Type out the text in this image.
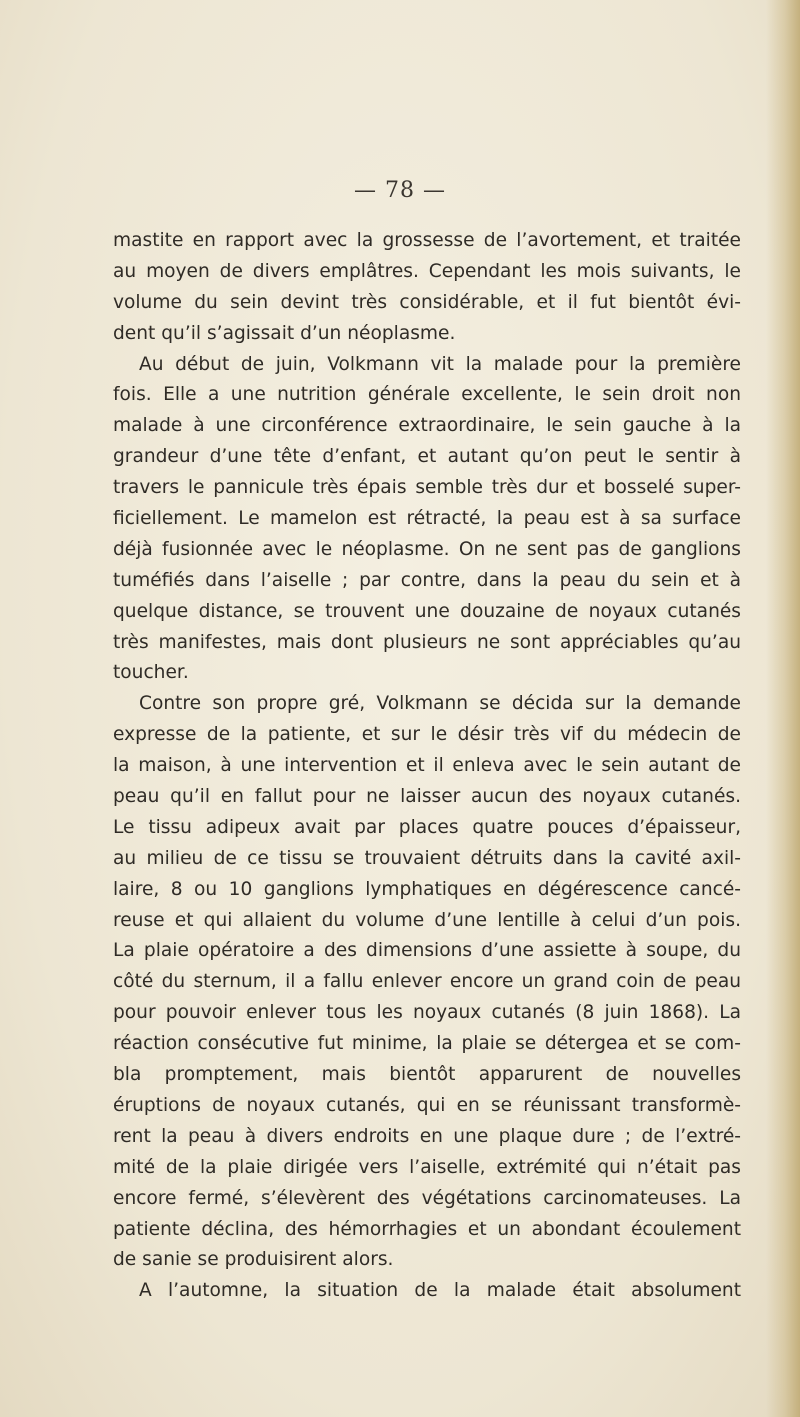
— 78 —
mastite en rapport avec la grossesse de l’avortement, et traitée
au moyen de divers emplâtres. Cependant les mois suivants, le
volume du sein devint très considérable, et il fut bientôt évi-
dent qu’il s’agissait d’un néoplasme.
Au début de juin, Volkmann vit la malade pour la première
fois. Elle a une nutrition générale excellente, le sein droit non
malade à une circonférence extraordinaire, le sein gauche à la
grandeur d’une tête d’enfant, et autant qu’on peut le sentir à
travers le pannicule très épais semble très dur et bosselé super-
ficiellement. Le mamelon est rétracté, la peau est à sa surface
déjà fusionnée avec le néoplasme. On ne sent pas de ganglions
tuméfiés dans l’aiselle ; par contre, dans la peau du sein et à
quelque distance, se trouvent une douzaine de noyaux cutanés
très manifestes, mais dont plusieurs ne sont appréciables qu’au
toucher.
Contre son propre gré, Volkmann se décida sur la demande
expresse de la patiente, et sur le désir très vif du médecin de
la maison, à une intervention et il enleva avec le sein autant de
peau qu’il en fallut pour ne laisser aucun des noyaux cutanés.
Le tissu adipeux avait par places quatre pouces d’épaisseur,
au milieu de ce tissu se trouvaient détruits dans la cavité axil-
laire, 8 ou 10 ganglions lymphatiques en dégérescence cancé-
reuse et qui allaient du volume d’une lentille à celui d’un pois.
La plaie opératoire a des dimensions d’une assiette à soupe, du
côté du sternum, il a fallu enlever encore un grand coin de peau
pour pouvoir enlever tous les noyaux cutanés (8 juin 1868). La
réaction consécutive fut minime, la plaie se détergea et se com-
bla promptement, mais bientôt apparurent de nouvelles
éruptions de noyaux cutanés, qui en se réunissant transformè-
rent la peau à divers endroits en une plaque dure ; de l’extré-
mité de la plaie dirigée vers l’aiselle, extrémité qui n’était pas
encore fermé, s’élevèrent des végétations carcinomateuses. La
patiente déclina, des hémorrhagies et un abondant écoulement
de sanie se produisirent alors.
A l’automne, la situation de la malade était absolument
